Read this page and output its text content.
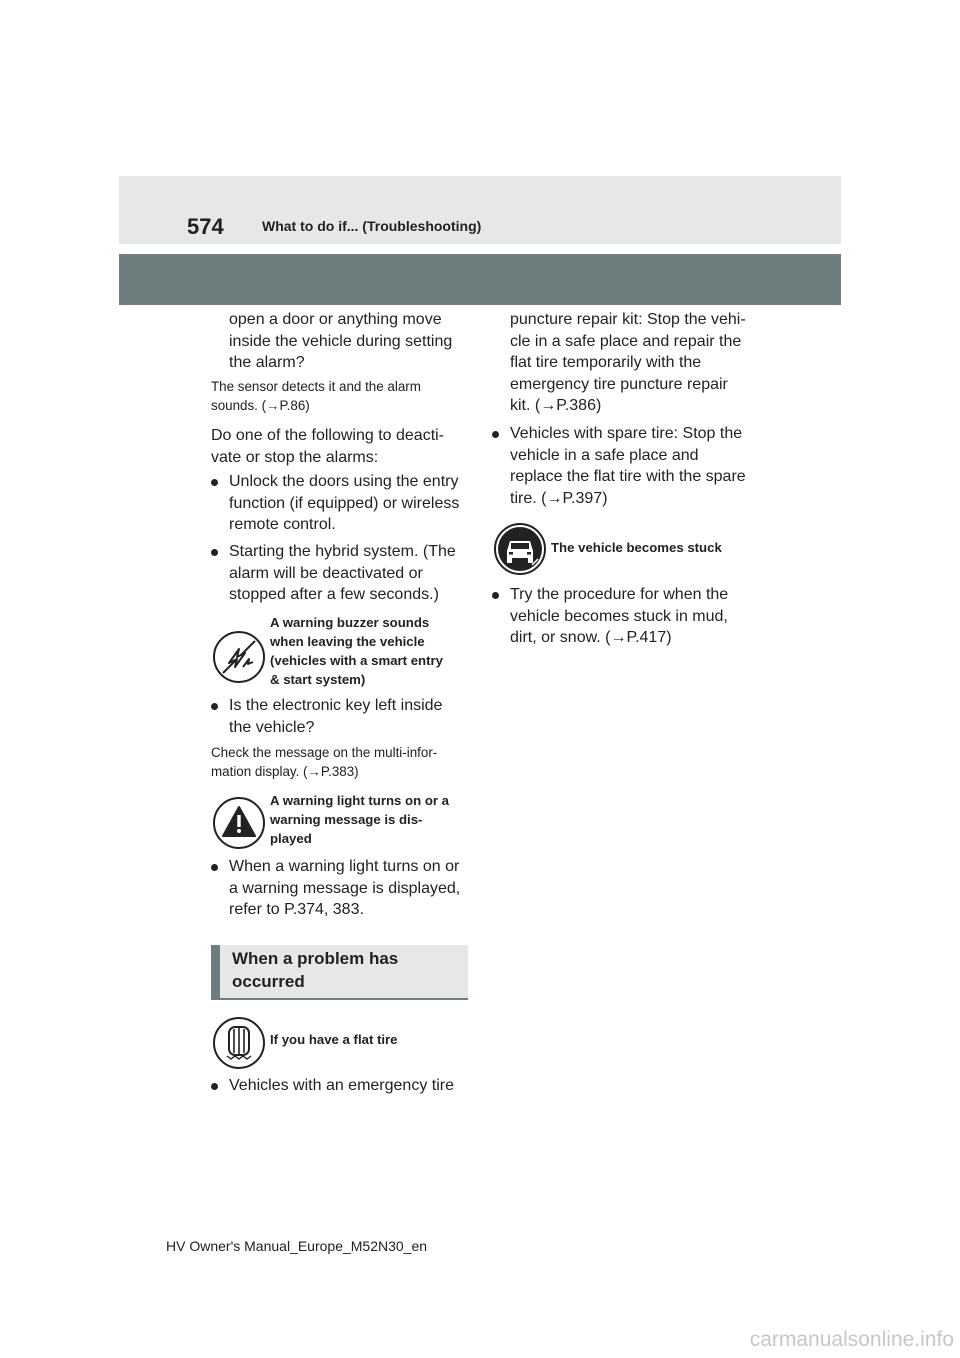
574	What to do if... (Troubleshooting)
open a door or anything move
inside the vehicle during setting
the alarm?
The sensor detects it and the alarm
sounds. (→P.86)
Do one of the following to deacti-
vate or stop the alarms:
Unlock the doors using the entry
function (if equipped) or wireless
remote control.
Starting the hybrid system. (The
alarm will be deactivated or
stopped after a few seconds.)
A warning buzzer sounds
when leaving the vehicle
(vehicles with a smart entry
& start system)
Is the electronic key left inside
the vehicle?
Check the message on the multi-infor-
mation display. (→P.383)
A warning light turns on or a
warning message is dis-
played
When a warning light turns on or
a warning message is displayed,
refer to P.374, 383.
When a problem has occurred
If you have a flat tire
Vehicles with an emergency tire
puncture repair kit: Stop the vehi-
cle in a safe place and repair the
flat tire temporarily with the
emergency tire puncture repair
kit. (→P.386)
Vehicles with spare tire: Stop the
vehicle in a safe place and
replace the flat tire with the spare
tire. (→P.397)
The vehicle becomes stuck
Try the procedure for when the
vehicle becomes stuck in mud,
dirt, or snow. (→P.417)
HV Owner's Manual_Europe_M52N30_en
carmanualsonline.info
